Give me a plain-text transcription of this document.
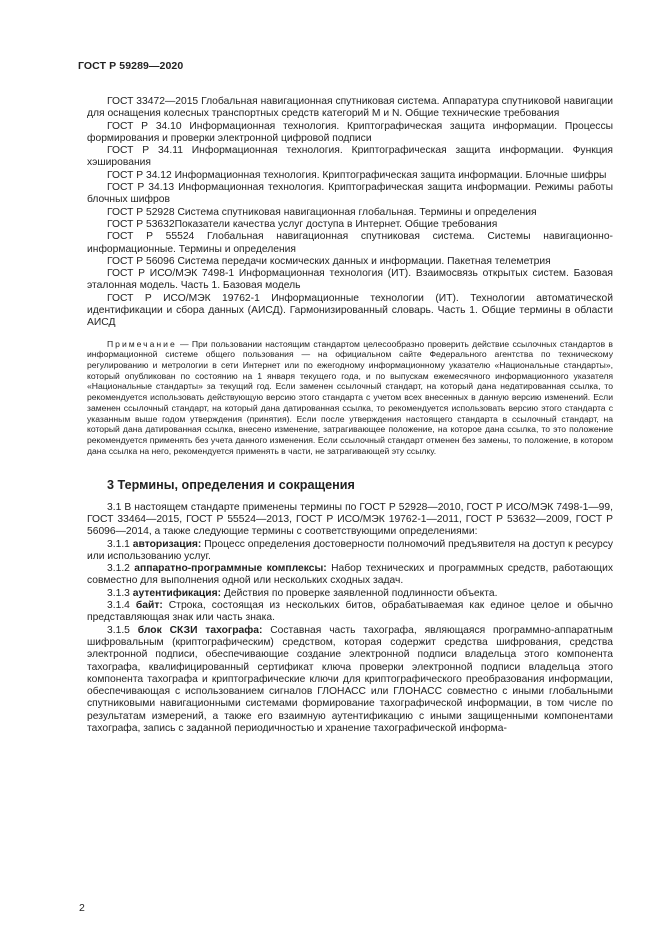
ГОСТ Р 59289—2020

ГОСТ 33472—2015 Глобальная навигационная спутниковая система. Аппаратура спутниковой навигации для оснащения колесных транспортных средств категорий M и N. Общие технические требования

ГОСТ Р 34.10 Информационная технология. Криптографическая защита информации. Процессы формирования и проверки электронной цифровой подписи

ГОСТ Р 34.11 Информационная технология. Криптографическая защита информации. Функция хэширования

ГОСТ Р 34.12 Информационная технология. Криптографическая защита информации. Блочные шифры

ГОСТ Р 34.13 Информационная технология. Криптографическая защита информации. Режимы работы блочных шифров

ГОСТ Р 52928 Система спутниковая навигационная глобальная. Термины и определения

ГОСТ Р 53632Показатели качества услуг доступа в Интернет. Общие требования

ГОСТ Р 55524 Глобальная навигационная спутниковая система. Системы навигационно-информационные. Термины и определения

ГОСТ Р 56096 Система передачи космических данных и информации. Пакетная телеметрия

ГОСТ Р ИСО/МЭК 7498-1 Информационная технология (ИТ). Взаимосвязь открытых систем. Базовая эталонная модель. Часть 1. Базовая модель

ГОСТ Р ИСО/МЭК 19762-1 Информационные технологии (ИТ). Технологии автоматической идентификации и сбора данных (АИСД). Гармонизированный словарь. Часть 1. Общие термины в области АИСД

Примечание — При пользовании настоящим стандартом целесообразно проверить действие ссылочных стандартов в информационной системе общего пользования — на официальном сайте Федерального агентства по техническому регулированию и метрологии в сети Интернет или по ежегодному информационному указателю «Национальные стандарты», который опубликован по состоянию на 1 января текущего года, и по выпускам ежемесячного информационного указателя «Национальные стандарты» за текущий год. Если заменен ссылочный стандарт, на который дана недатированная ссылка, то рекомендуется использовать действующую версию этого стандарта с учетом всех внесенных в данную версию изменений. Если заменен ссылочный стандарт, на который дана датированная ссылка, то рекомендуется использовать версию этого стандарта с указанным выше годом утверждения (принятия). Если после утверждения настоящего стандарта в ссылочный стандарт, на который дана датированная ссылка, внесено изменение, затрагивающее положение, на которое дана ссылка, то это положение рекомендуется применять без учета данного изменения. Если ссылочный стандарт отменен без замены, то положение, в котором дана ссылка на него, рекомендуется применять в части, не затрагивающей эту ссылку.

3 Термины, определения и сокращения

3.1 В настоящем стандарте применены термины по ГОСТ Р 52928—2010, ГОСТ Р ИСО/МЭК 7498-1—99, ГОСТ 33464—2015, ГОСТ Р 55524—2013, ГОСТ Р ИСО/МЭК 19762-1—2011, ГОСТ Р 53632—2009, ГОСТ Р 56096—2014, а также следующие термины с соответствующими определениями:

3.1.1 авторизация: Процесс определения достоверности полномочий предъявителя на доступ к ресурсу или использованию услуг.

3.1.2 аппаратно-программные комплексы: Набор технических и программных средств, работающих совместно для выполнения одной или нескольких сходных задач.

3.1.3 аутентификация: Действия по проверке заявленной подлинности объекта.

3.1.4 байт: Строка, состоящая из нескольких битов, обрабатываемая как единое целое и обычно представляющая знак или часть знака.

3.1.5 блок СКЗИ тахографа: Составная часть тахографа, являющаяся программно-аппаратным шифровальным (криптографическим) средством, которая содержит средства шифрования, средства электронной подписи, обеспечивающие создание электронной подписи владельца этого компонента тахографа, квалифицированный сертификат ключа проверки электронной подписи владельца этого компонента тахографа и криптографические ключи для криптографического преобразования информации, обеспечивающая с использованием сигналов ГЛОНАСС или ГЛОНАСС совместно с иными глобальными спутниковыми навигационными системами формирование тахографической информации, в том числе по результатам измерений, а также его взаимную аутентификацию с иными защищенными компонентами тахографа, запись с заданной периодичностью и хранение тахографической информа-

2
